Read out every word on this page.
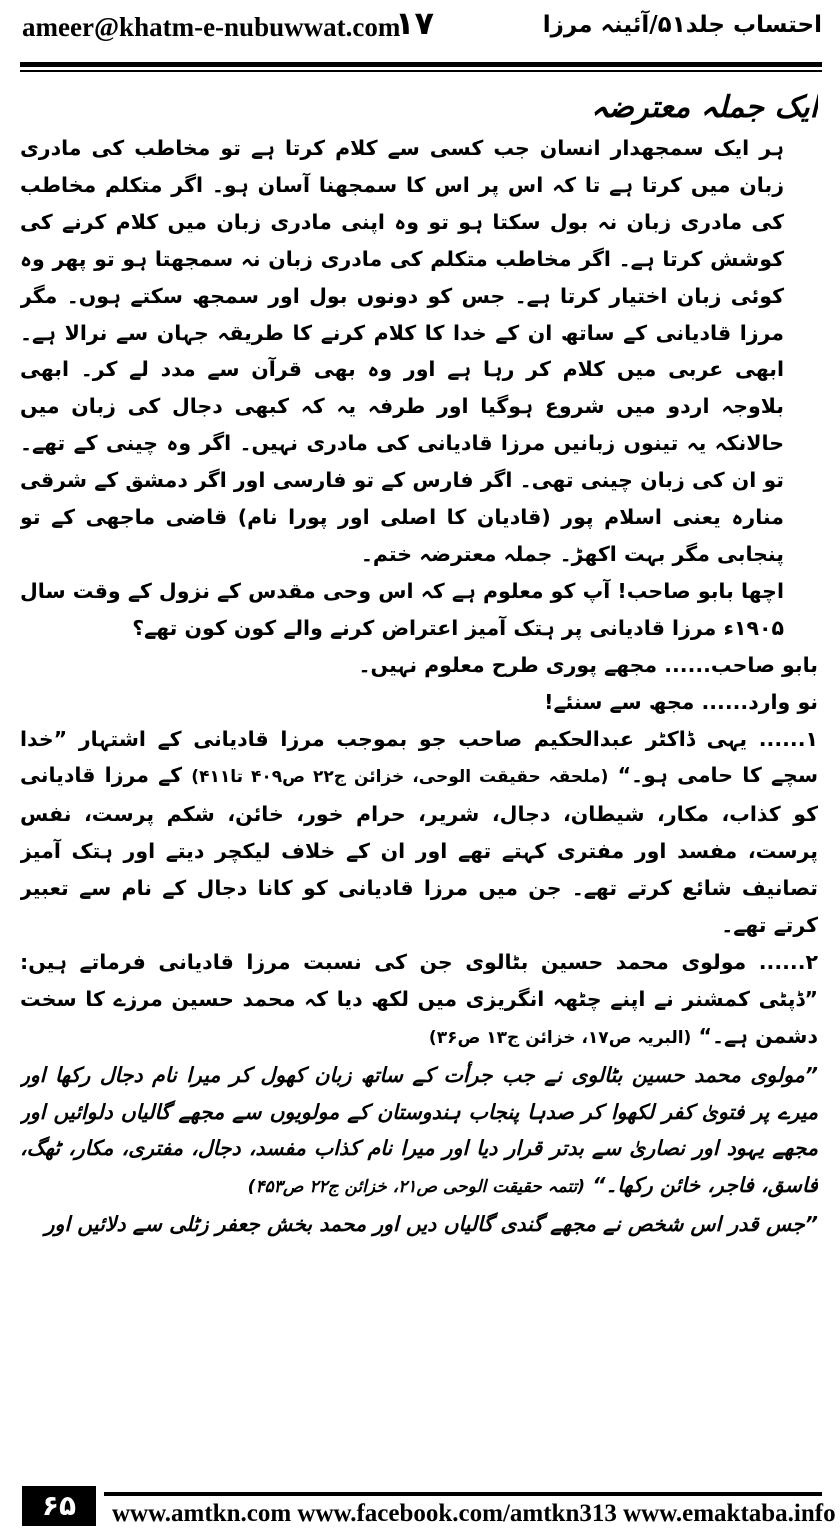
ameer@khatm-e-nubuwwat.com
۱۷	احتساب جلد۵۱/آئینہ مرزا

ایک جملہ معترضہ

ہر ایک سمجھدار انسان جب کسی سے کلام کرتا ہے تو مخاطب کی مادری زبان میں کرتا ہے تا کہ اس پر اس کا سمجھنا آسان ہو۔ اگر متکلم مخاطب کی مادری زبان نہ بول سکتا ہو تو وہ اپنی مادری زبان میں کلام کرنے کی کوشش کرتا ہے۔ اگر مخاطب متکلم کی مادری زبان نہ سمجھتا ہو تو پھر وہ کوئی زبان اختیار کرتا ہے۔ جس کو دونوں بول اور سمجھ سکتے ہوں۔ مگر مرزا قادیانی کے ساتھ ان کے خدا کا کلام کرنے کا طریقہ جہان سے نرالا ہے۔ ابھی عربی میں کلام کر رہا ہے اور وہ بھی قرآن سے مدد لے کر۔ ابھی بلاوجہ اردو میں شروع ہوگیا اور طرفہ یہ کہ کبھی دجال کی زبان میں حالانکہ یہ تینوں زبانیں مرزا قادیانی کی مادری نہیں۔ اگر وہ چینی کے تھے۔ تو ان کی زبان چینی تھی۔ اگر فارس کے تو فارسی اور اگر دمشق کے شرقی منارہ یعنی اسلام پور (قادیان کا اصلی اور پورا نام) قاضی ماجھی کے تو پنجابی مگر بہت اکھڑ۔ جملہ معترضہ ختم۔

اچھا بابو صاحب! آپ کو معلوم ہے کہ اس وحی مقدس کے نزول کے وقت سال ۱۹۰۵ء مرزا قادیانی پر ہتک آمیز اعتراض کرنے والے کون کون تھے؟

بابو صاحب...... مجھے پوری طرح معلوم نہیں۔

نو وارد...... مجھ سے سنئے!

۱...... یہی ڈاکٹر عبدالحکیم صاحب جو بموجب مرزا قادیانی کے اشتہار ”خدا سچے کا حامی ہو۔“ (ملحقہ حقیقت الوحی، خزائن ج۲۲ ص۴۰۹ تا۴۱۱) کے مرزا قادیانی کو کذاب، مکار، شیطان، دجال، شریر، حرام خور، خائن، شکم پرست، نفس پرست، مفسد اور مفتری کہتے تھے اور ان کے خلاف لیکچر دیتے اور ہتک آمیز تصانیف شائع کرتے تھے۔ جن میں مرزا قادیانی کو کانا دجال کے نام سے تعبیر کرتے تھے۔

۲...... مولوی محمد حسین بٹالوی جن کی نسبت مرزا قادیانی فرماتے ہیں: ”ڈپٹی کمشنر نے اپنے چٹھہ انگریزی میں لکھ دیا کہ محمد حسین مرزے کا سخت دشمن ہے۔“ (البریہ ص۱۷، خزائن ج۱۳ ص۳۶)

”مولوی محمد حسین بٹالوی نے جب جرأت کے ساتھ زبان کھول کر میرا نام دجال رکھا اور میرے پر فتویٰ کفر لکھوا کر صدہا پنجاب ہندوستان کے مولویوں سے مجھے گالیاں دلوائیں اور مجھے یہود اور نصاریٰ سے بدتر قرار دیا اور میرا نام کذاب مفسد، دجال، مفتری، مکار، ٹھگ، فاسق، فاجر، خائن رکھا۔“ (تتمہ حقیقت الوحی ص۲۱، خزائن ج۲۲ ص۴۵۳)

”جس قدر اس شخص نے مجھے گندی گالیاں دیں اور محمد بخش جعفر زٹلی سے دلائیں اور

۶۵	www.amtkn.com www.facebook.com/amtkn313 www.emaktaba.info
